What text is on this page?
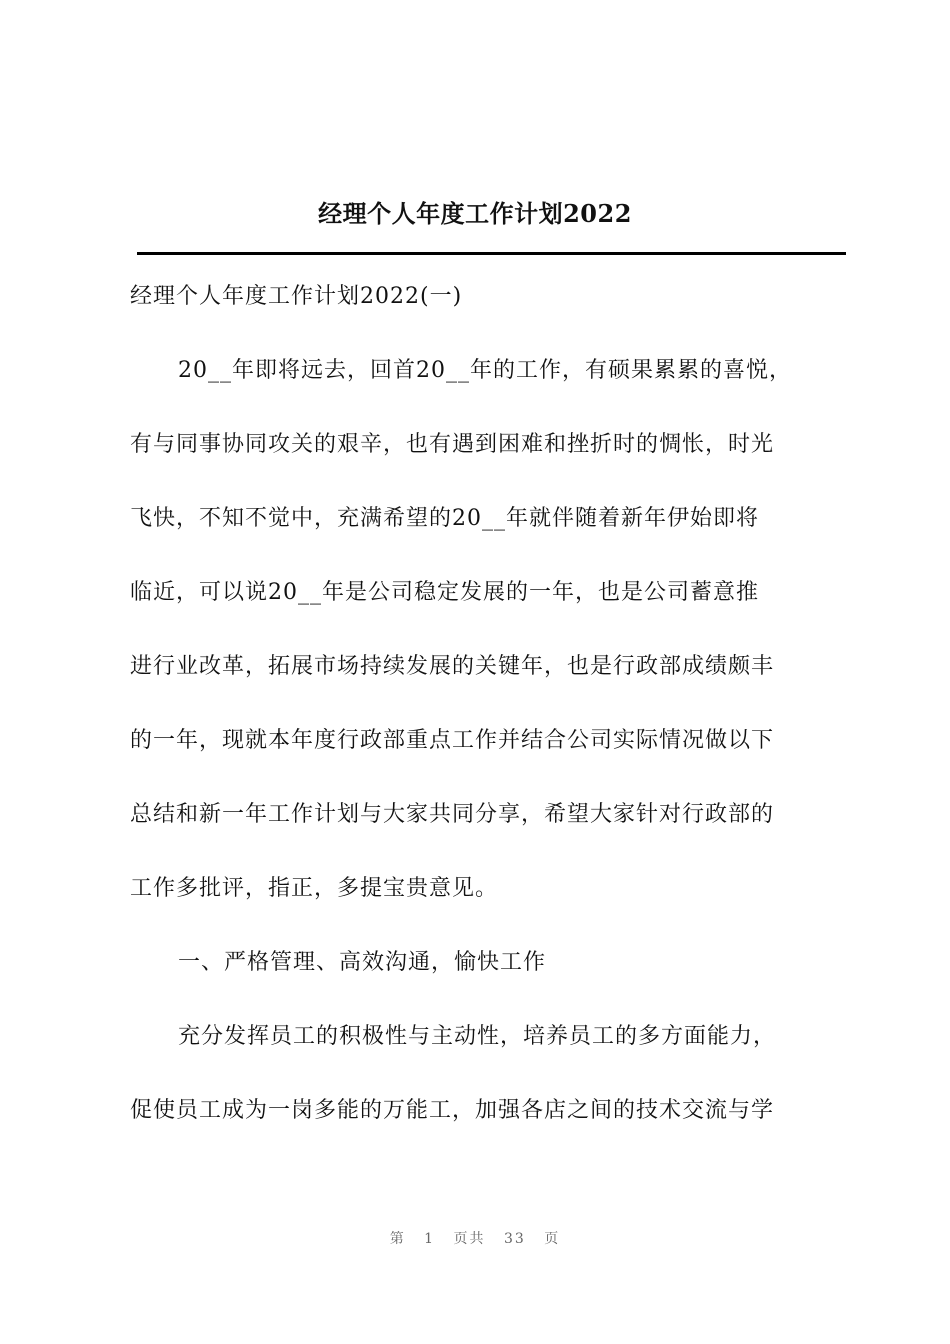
经理个人年度工作计划2022

经理个人年度工作计划2022(一)

20__年即将远去，回首20__年的工作，有硕果累累的喜悦，

有与同事协同攻关的艰辛，也有遇到困难和挫折时的惆怅，时光

飞快，不知不觉中，充满希望的20__年就伴随着新年伊始即将

临近，可以说20__年是公司稳定发展的一年，也是公司蓄意推

进行业改革，拓展市场持续发展的关键年，也是行政部成绩颇丰

的一年，现就本年度行政部重点工作并结合公司实际情况做以下

总结和新一年工作计划与大家共同分享，希望大家针对行政部的

工作多批评，指正，多提宝贵意见。

一、严格管理、高效沟通，愉快工作

充分发挥员工的积极性与主动性，培养员工的多方面能力，

促使员工成为一岗多能的万能工，加强各店之间的技术交流与学

第 1 页共 33 页
